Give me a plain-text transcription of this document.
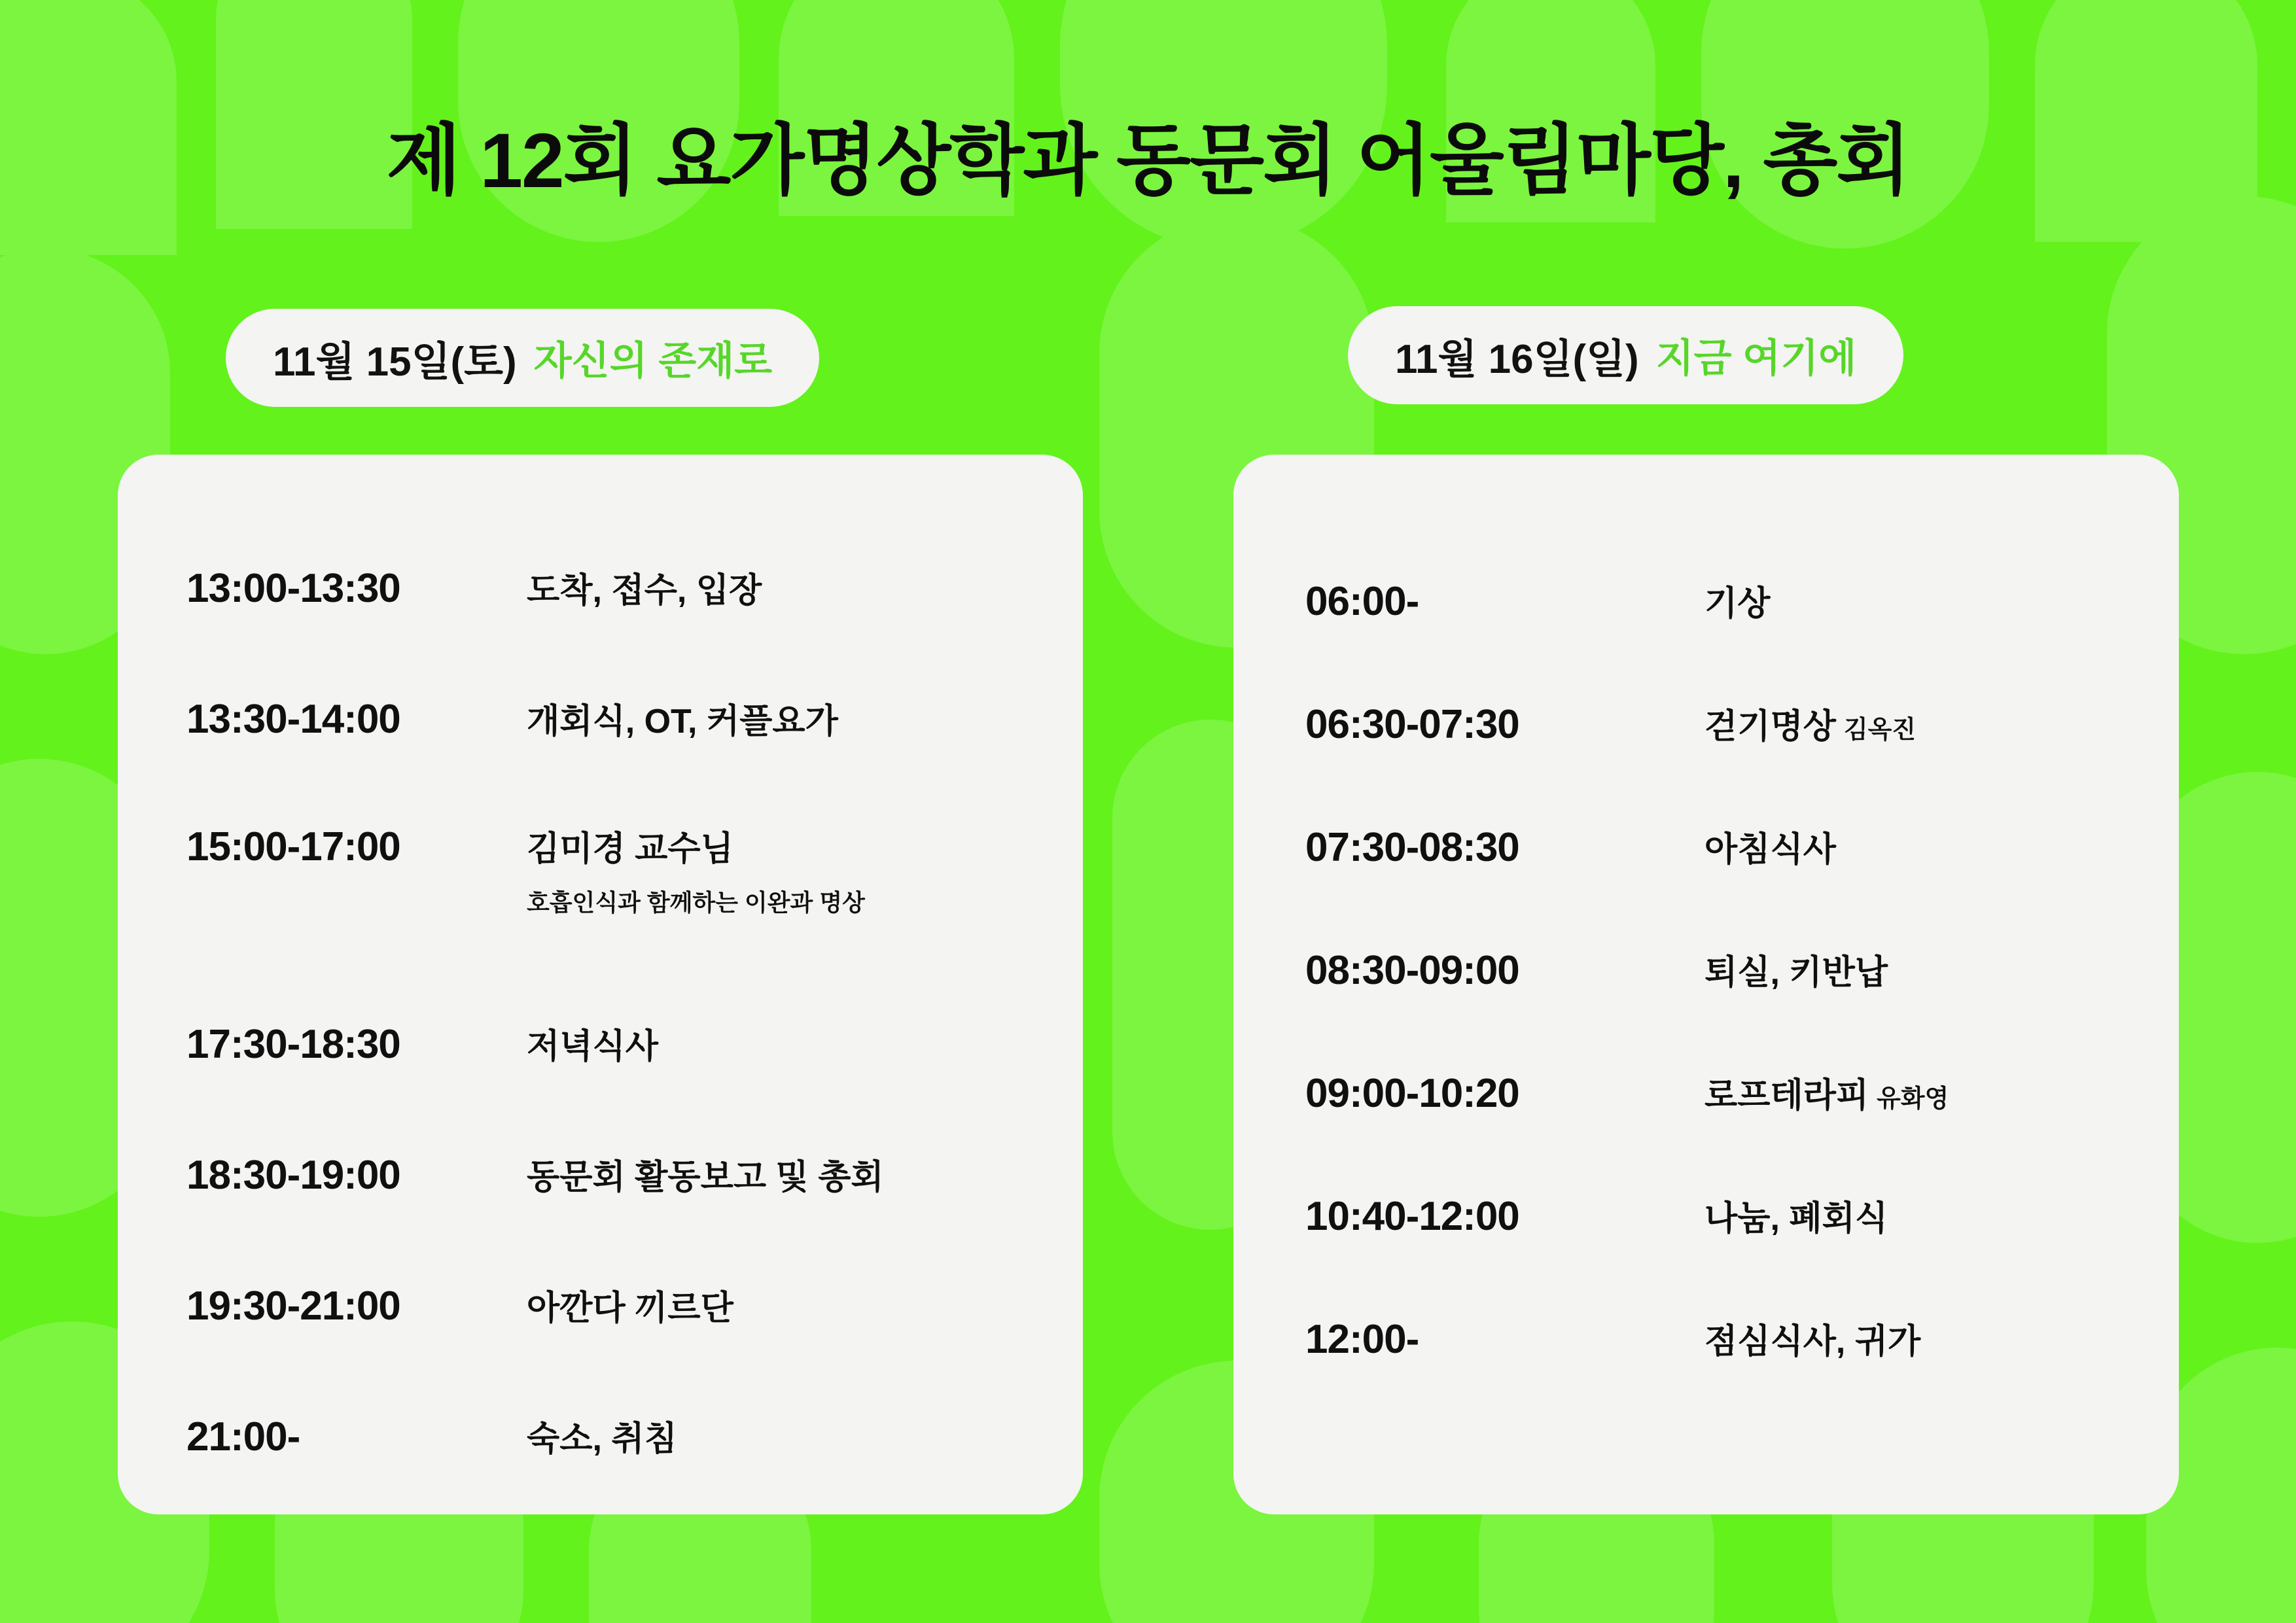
제 12회 요가명상학과 동문회 어울림마당, 총회
11월 15일(토) 자신의 존재로	11월 16일(일) 지금 여기에
13:00-13:30	도착, 접수, 입장
13:30-14:00	개회식, OT, 커플요가
15:00-17:00	김미경 교수님
호흡인식과 함께하는 이완과 명상
17:30-18:30	저녁식사
18:30-19:00	동문회 활동보고 및 총회
19:30-21:00	아깐다 끼르단
21:00-	숙소, 취침
06:00-	기상
06:30-07:30	걷기명상 김옥진
07:30-08:30	아침식사
08:30-09:00	퇴실, 키반납
09:00-10:20	로프테라피 유화영
10:40-12:00	나눔, 폐회식
12:00-	점심식사, 귀가
